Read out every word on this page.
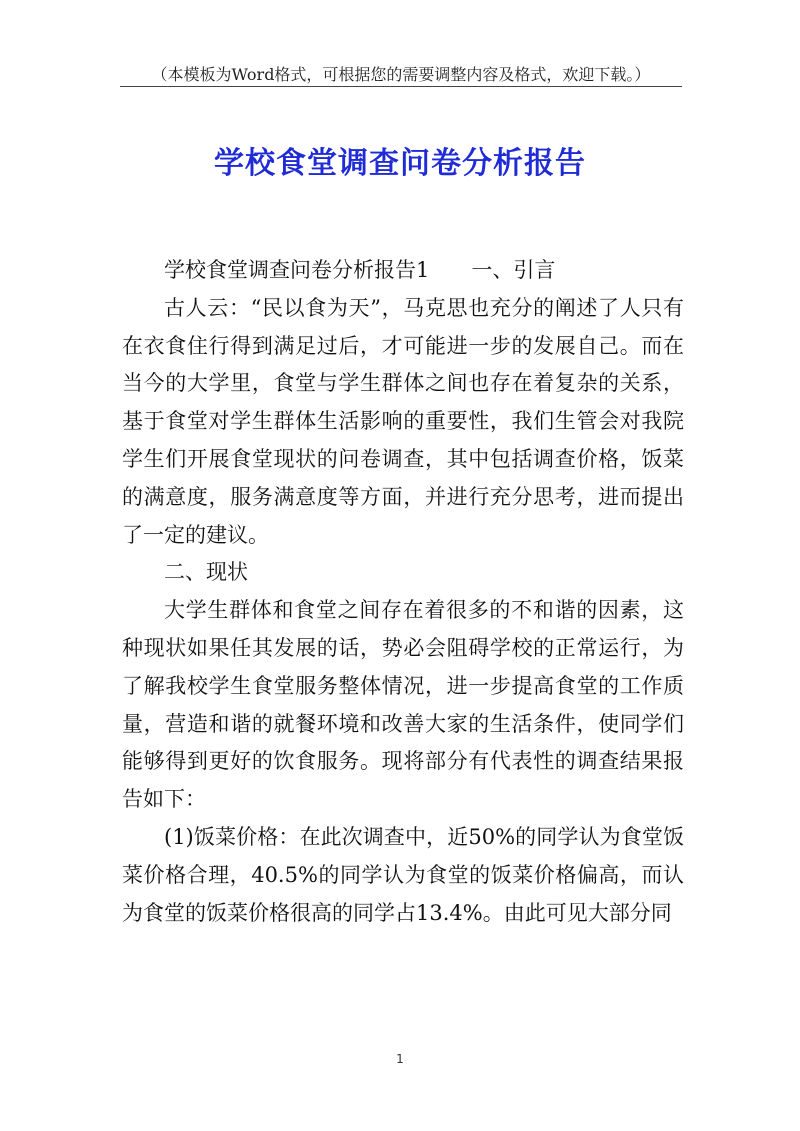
（本模板为Word格式，可根据您的需要调整内容及格式，欢迎下载。）
学校食堂调查问卷分析报告

学校食堂调查问卷分析报告1 一、引言

古人云：“民以食为天”，马克思也充分的阐述了人只有在衣食住行得到满足过后，才可能进一步的发展自己。而在当今的大学里，食堂与学生群体之间也存在着复杂的关系，基于食堂对学生群体生活影响的重要性，我们生管会对我院学生们开展食堂现状的问卷调查，其中包括调查价格，饭菜的满意度，服务满意度等方面，并进行充分思考，进而提出了一定的建议。

二、现状

大学生群体和食堂之间存在着很多的不和谐的因素，这种现状如果任其发展的话，势必会阻碍学校的正常运行，为了解我校学生食堂服务整体情况，进一步提高食堂的工作质量，营造和谐的就餐环境和改善大家的生活条件，使同学们能够得到更好的饮食服务。现将部分有代表性的调查结果报告如下：

(1)饭菜价格：在此次调查中，近50%的同学认为食堂饭菜价格合理，40.5%的同学认为食堂的饭菜价格偏高，而认为食堂的饭菜价格很高的同学占13.4%。由此可见大部分同

1
